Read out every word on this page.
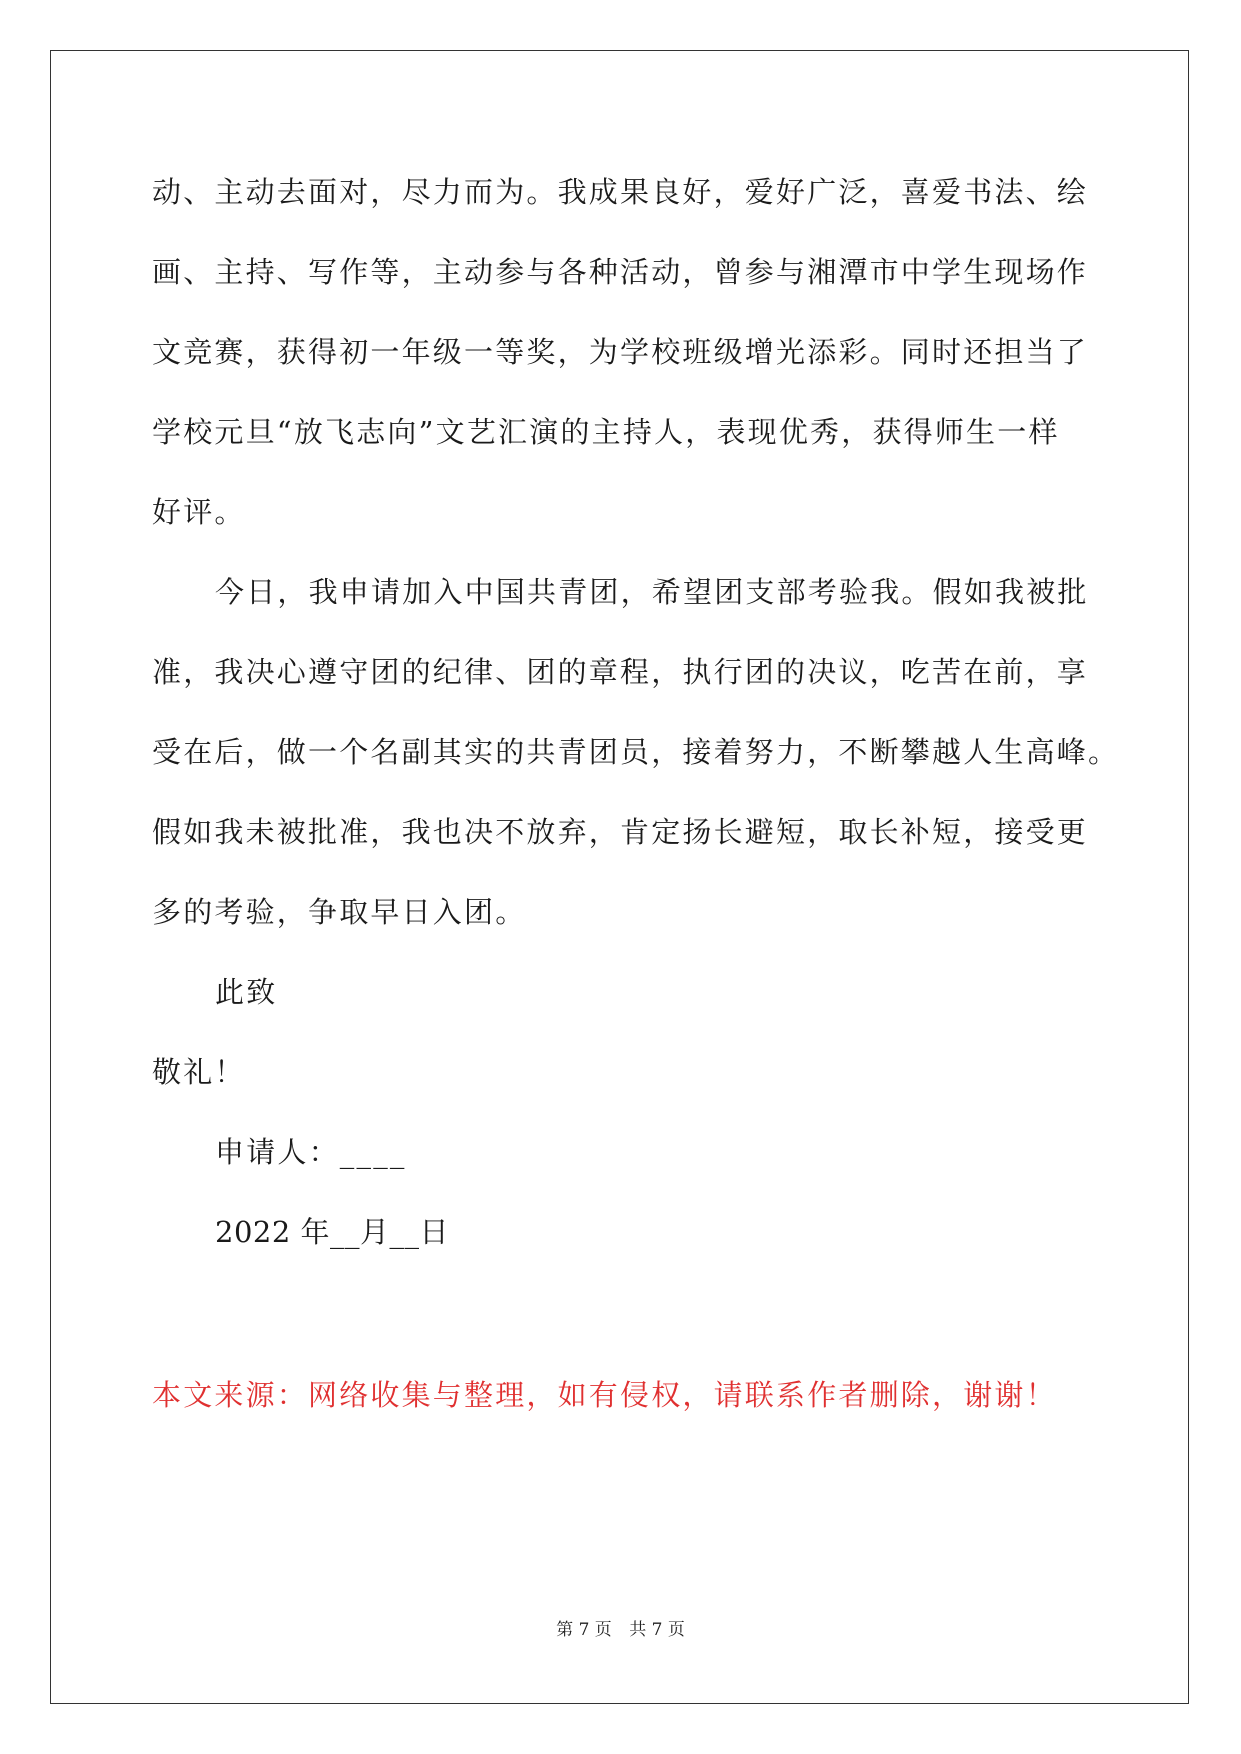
动、主动去面对，尽力而为。我成果良好，爱好广泛，喜爱书法、绘
画、主持、写作等，主动参与各种活动，曾参与湘潭市中学生现场作
文竞赛，获得初一年级一等奖，为学校班级增光添彩。同时还担当了
学校元旦“放飞志向”文艺汇演的主持人，表现优秀，获得师生一样
好评。
今日，我申请加入中国共青团，希望团支部考验我。假如我被批
准，我决心遵守团的纪律、团的章程，执行团的决议，吃苦在前，享
受在后，做一个名副其实的共青团员，接着努力，不断攀越人生高峰。
假如我未被批准，我也决不放弃，肯定扬长避短，取长补短，接受更
多的考验，争取早日入团。
此致
敬礼！
申请人：____
2022 年__月__日
本文来源：网络收集与整理，如有侵权，请联系作者删除，谢谢！
第 7 页 共 7 页
